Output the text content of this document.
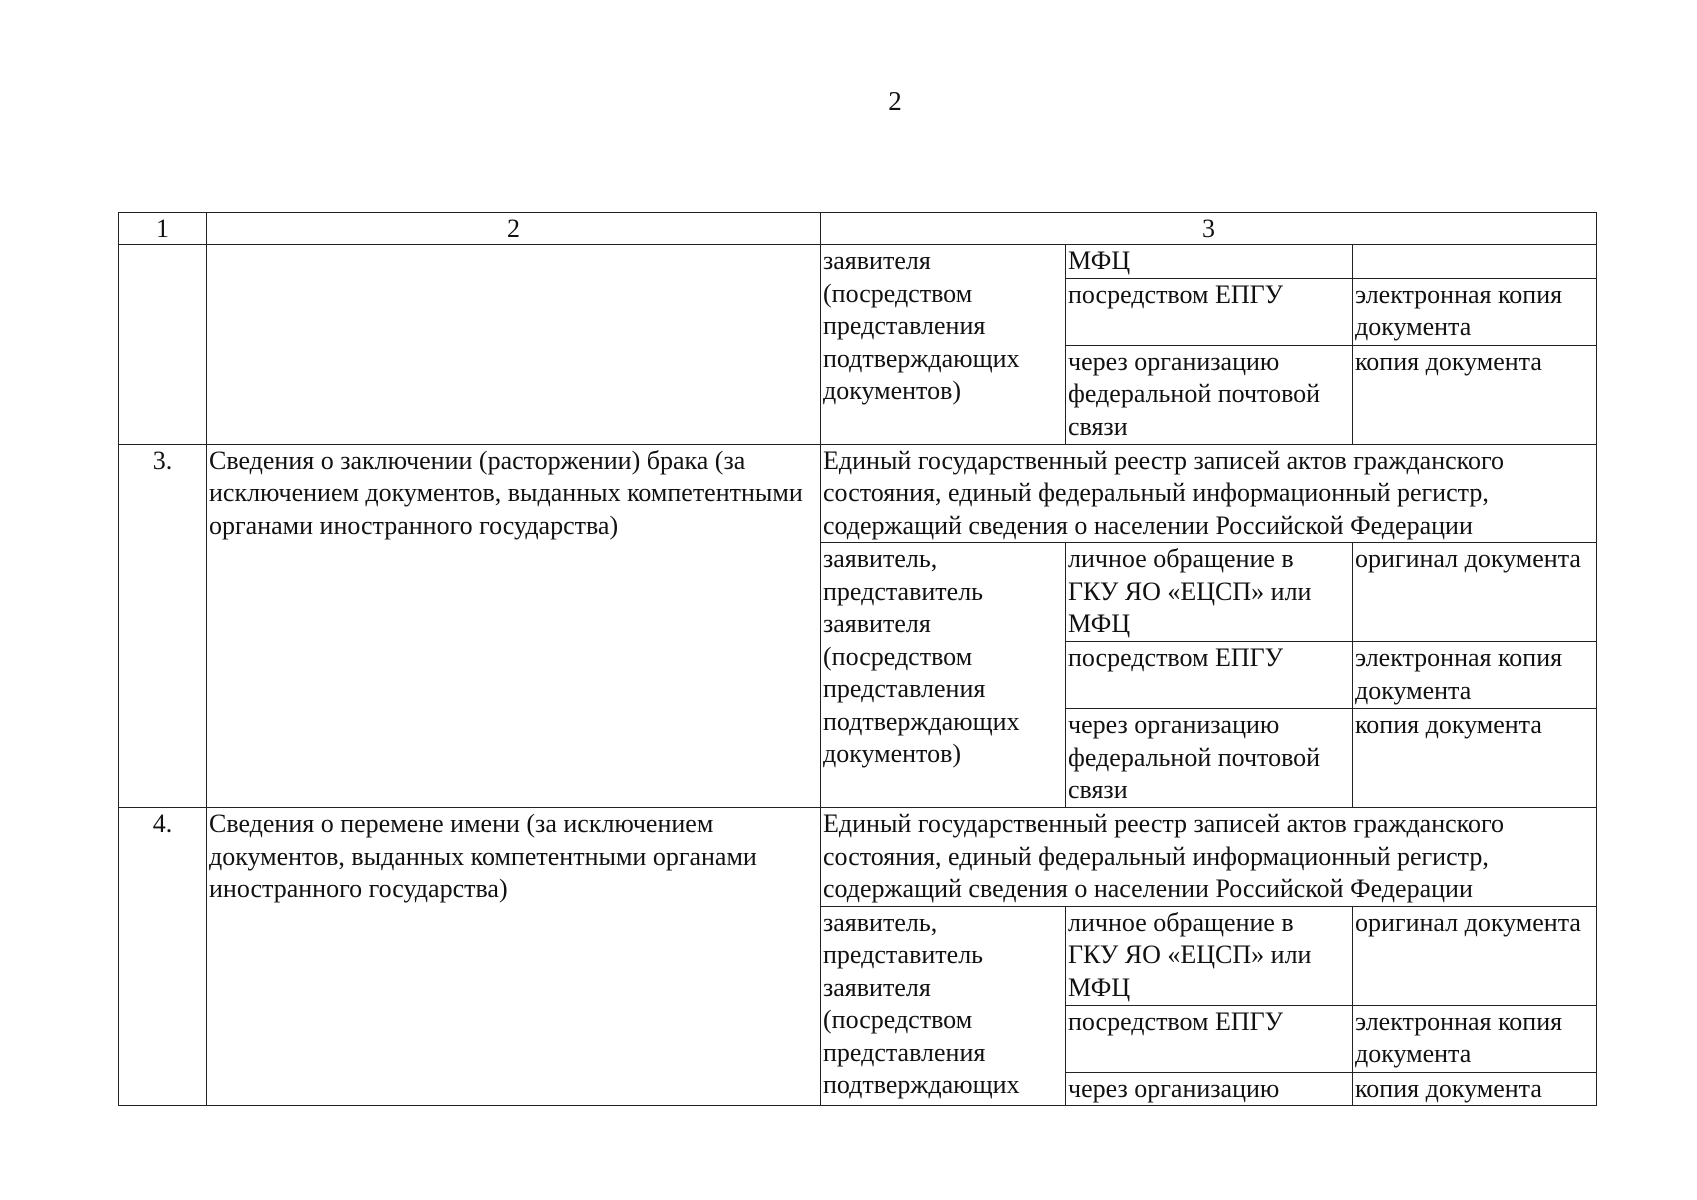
2
1	2	3		
		заявителя (посредством представления подтверждающих документов)	МФЦ	
			посредством ЕПГУ	электронная копия документа
			через организацию федеральной почтовой связи	копия документа
3.	Сведения о заключении (расторжении) брака (за исключением документов, выданных компетентными органами иностранного государства)	Единый государственный реестр записей актов гражданского состояния, единый федеральный информационный регистр, содержащий сведения о населении Российской Федерации		
		заявитель, представитель заявителя (посредством представления подтверждающих документов)	личное обращение в ГКУ ЯО «ЕЦСП» или МФЦ	оригинал документа
			посредством ЕПГУ	электронная копия документа
			через организацию федеральной почтовой связи	копия документа
4.	Сведения о перемене имени (за исключением документов, выданных компетентными органами иностранного государства)	Единый государственный реестр записей актов гражданского состояния, единый федеральный информационный регистр, содержащий сведения о населении Российской Федерации		
		заявитель, представитель заявителя (посредством представления подтверждающих	личное обращение в ГКУ ЯО «ЕЦСП» или МФЦ	оригинал документа
			посредством ЕПГУ	электронная копия документа
			через организацию	копия документа
